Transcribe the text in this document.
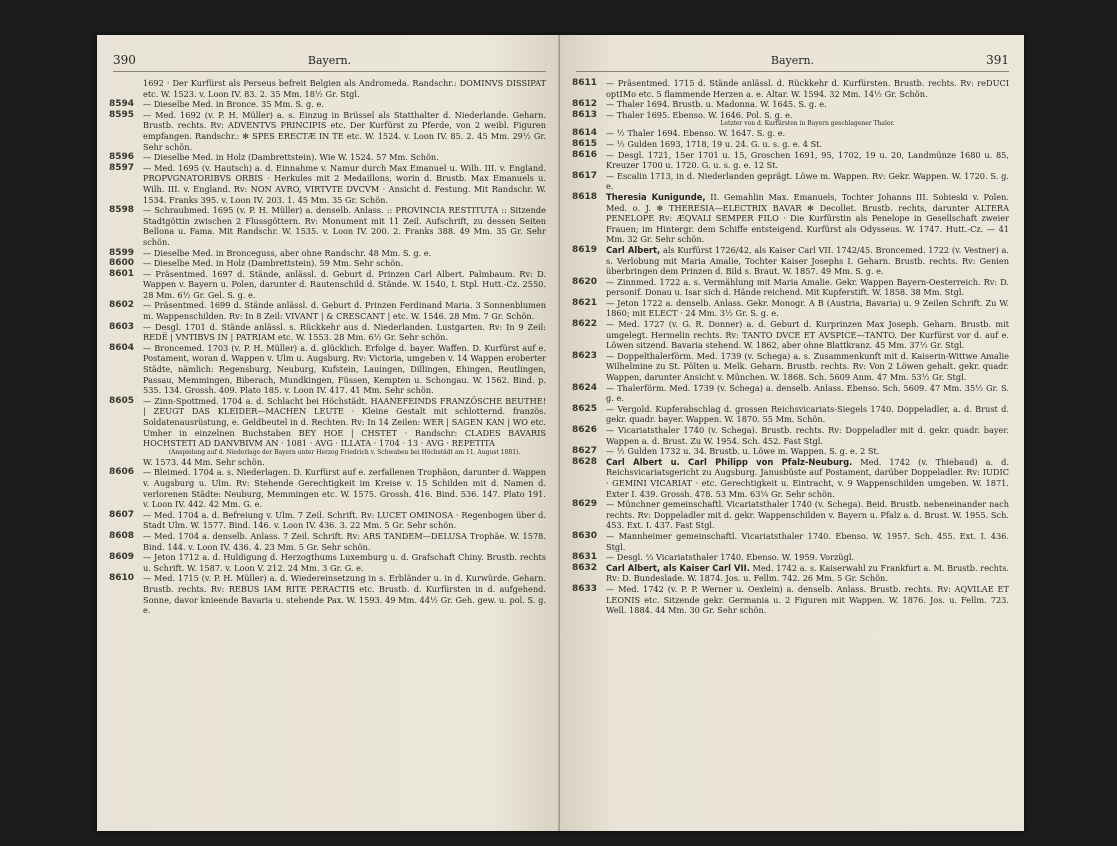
390	Bayern.

1692 · Der Kurfürst als Perseus befreit Belgien als Andromeda. Randschr.: DOMINVS DISSIPAT etc. W. 1523. v. Loon IV. 83. 2. 35 Mm. 18½ Gr. Stgl.

8594 — Dieselbe Med. in Bronce. 35 Mm. S. g. e.

8595 — Med. 1692 (v. P. H. Müller) a. s. Einzug in Brüssel als Statthalter d. Niederlande. Geharn. Brustb. rechts. Rv: ADVENTVS PRINCIPIS etc. Der Kurfürst zu Pferde, von 2 weibl. Figuren empfangen. Randschr.: ✻ SPES ERECTÆ IN TE etc. W. 1524. v. Loon IV. 85. 2. 45 Mm. 29½ Gr. Sehr schön.

8596 — Dieselbe Med. in Holz (Dambrettstein). Wie W. 1524. 57 Mm. Schön.

8597 — Med. 1695 (v. Hautsch) a. d. Einnahme v. Namur durch Max Emanuel u. Wilh. III. v. England. PROPVGNATORIBVS ORBIS · Herkules mit 2 Medaillons, worin d. Brustb. Max Emanuels u. Wilh. III. v. England. Rv: NON AVRO, VIRTVTE DVCVM · Ansicht d. Festung. Mit Randschr. W. 1534. Franks 395. v. Loon IV. 203. 1. 45 Mm. 35 Gr. Schön.

8598 — Schraubmed. 1695 (v. P. H. Müller) a. denselb. Anlass. :: PROVINCIA RESTITUTA :: Sitzende Stadtgöttin zwischen 2 Flussgöttern. Rv: Monument mit 11 Zeil. Aufschrift, zu dessen Seiten Bellona u. Fama. Mit Randschr. W. 1535. v. Loon IV. 200. 2. Franks 388. 49 Mm. 35 Gr. Sehr schön.

8599 — Dieselbe Med. in Bronceguss, aber ohne Randschr. 48 Mm. S. g. e.

8600 — Dieselbe Med. in Holz (Dambrettstein). 59 Mm. Sehr schön.

8601 — Präsentmed. 1697 d. Stände, anlässl. d. Geburt d. Prinzen Carl Albert. Palmbaum. Rv: D. Wappen v. Bayern u. Polen, darunter d. Rautenschild d. Stände. W. 1540, I. Stpl. Hutt.-Cz. 2550. 28 Mm. 6½ Gr. Gel. S. g. e.

8602 — Präsentmed. 1699 d. Stände anlässl. d. Geburt d. Prinzen Ferdinand Maria. 3 Sonnenblumen m. Wappenschilden. Rv: In 8 Zeil: VIVANT | & CRESCANT | etc. W. 1546. 28 Mm. 7 Gr. Schön.

8603 — Desgl. 1701 d. Stände anlässl. s. Rückkehr aus d. Niederlanden. Lustgarten. Rv: In 9 Zeil: REDE̅ | VNTIBVS IN | PATRIAM etc. W. 1553. 28 Mm. 6½ Gr. Sehr schön.

8604 — Broncemed. 1703 (v. P. H. Müller) a. d. glücklich. Erfolge d. bayer. Waffen. D. Kurfürst auf e. Postament, woran d. Wappen v. Ulm u. Augsburg. Rv: Victoria, umgeben v. 14 Wappen eroberter Städte, nämlich: Regensburg, Neuburg, Kufstein, Lauingen, Dillingen, Ehingen, Reutlingen, Passau, Memmingen, Biberach, Mundkingen, Füssen, Kempten u. Schongau. W. 1562. Bind. p. 535. 134. Grossh. 409. Plato 185. v. Loon IV. 417. 41 Mm. Sehr schön.

8605 — Zinn-Spottmed. 1704 a. d. Schlacht bei Höchstädt. HAANEFEINDS FRANZÖSCHE BEUTHE! | ZEUGT DAS KLEIDER—MACHEN LEUTE · Kleine Gestalt mit schlotternd. französ. Soldatenausrüstung, e. Geldbeutel in d. Rechten. Rv: In 14 Zeilen: WER | SAGEN KAN | WO etc. Umher in einzelnen Buchstaben BEY HOE | CHSTET · Randschr: CLADES BAVARIS HOCHSTETI AD DANVBIVM AN · 1081 · AVG · ILLATA · 1704 · 13 · AVG · REPETITA
(Anspielung auf d. Niederlage der Bayern unter Herzog Friedrich v. Schwaben bei Höchstädt am 11. August 1081).
W. 1573. 44 Mm. Sehr schön.

8606 — Bleimed. 1704 a. s. Niederlagen. D. Kurfürst auf e. zerfallenen Trophäon, darunter d. Wappen v. Augsburg u. Ulm. Rv: Stehende Gerechtigkeit im Kreise v. 15 Schilden mit d. Namen d. verlorenen Städte: Neuburg, Memmingen etc. W. 1575. Grossh. 416. Bind. 536. 147. Plato 191. v. Loon IV. 442. 42 Mm. G. e.

8607 — Med. 1704 a. d. Befreiung v. Ulm. 7 Zeil. Schrift. Rv: LUCET OMINOSA · Regenbogen über d. Stadt Ulm. W. 1577. Bind. 146. v. Loon IV. 436. 3. 22 Mm. 5 Gr. Sehr schön.

8608 — Med. 1704 a. denselb. Anlass. 7 Zeil. Schrift. Rv: ARS TANDEM—DELUSA Trophäe. W. 1578. Bind. 144. v. Loon IV. 436. 4. 23 Mm. 5 Gr. Sehr schön.

8609 — Jeton 1712 a. d. Huldigung d. Herzogthums Luxemburg u. d. Grafschaft Chiny. Brustb. rechts u. Schrift. W. 1587. v. Loon V. 212. 24 Mm. 3 Gr. G. e.

8610 — Med. 1715 (v. P. H. Müller) a. d. Wiedereinsetzung in s. Erbländer u. in d. Kurwürde. Geharn. Brustb. rechts. Rv: REBUS IAM RITE PERACTIS etc. Brustb. d. Kurfürsten in d. aufgehend. Sonne, davor knieende Bavaria u. stehende Pax. W. 1593. 49 Mm. 44½ Gr. Geh. gew. u. pol. S. g. e.

Bayern.	391

8611 — Präsentmed. 1715 d. Stände anlässl. d. Rückkehr d. Kurfürsten. Brustb. rechts. Rv: reDUCI optIMo etc. 5 flammende Herzen a. e. Altar. W. 1594. 32 Mm. 14½ Gr. Schön.

8612 — Thaler 1694. Brustb. u. Madonna. W. 1645. S. g. e.

8613 — Thaler 1695. Ebenso. W. 1646. Pol. S. g. e.
Letzter von d. Kurfürsten in Bayern geschlagener Thaler.

8614 — ½ Thaler 1694. Ebenso. W. 1647. S. g. e.

8615 — ½ Gulden 1693, 1718, 19 u. 24. G. u. s. g. e. 4 St.

8616 — Desgl. 1721, 15er 1701 u. 15, Groschen 1691, 95, 1702, 19 u. 20, Landmünze 1680 u. 85, Kreuzer 1700 u. 1720. G. u. s. g. e. 12 St.

8617 — Escalin 1713, in d. Niederlanden geprägt. Löwe m. Wappen. Rv: Gekr. Wappen. W. 1720. S. g. e.

8618 Theresia Kunigunde, II. Gemahlin Max. Emanuels, Tochter Johanns III. Sobieski v. Polen. Med. o. J. ✻ THERESIA—ELECTRIX BAVAR ✻ Decollet. Brustb. rechts, darunter ALTERA PENELOPE Rv: ÆQVALI SEMPER FILO · Die Kurfürstin als Penelope in Gesellschaft zweier Frauen; im Hintergr. dem Schiffe entsteigend. Kurfürst als Odysseus. W. 1747. Hutt.-Cz. — 41 Mm. 32 Gr. Sehr schön.

8619 Carl Albert, als Kurfürst 1726/42, als Kaiser Carl VII. 1742/45. Broncemed. 1722 (v. Vestner) a. s. Verlobung mit Maria Amalie, Tochter Kaiser Josephs I. Geharn. Brustb. rechts. Rv: Genien überbringen dem Prinzen d. Bild s. Braut. W. 1857. 49 Mm. S. g. e.

8620 — Zinnmed. 1722 a. s. Vermählung mit Maria Amalie. Gekr. Wappen Bayern-Oesterreich. Rv: D. personif. Donau u. Isar sich d. Hände reichend. Mit Kupferstift. W. 1858. 38 Mm. Stgl.

8621 — Jeton 1722 a. denselb. Anlass. Gekr. Monogr. A B (Austria, Bavaria) u. 9 Zeilen Schrift. Zu W. 1860; mit ELECT · 24 Mm. 3½ Gr. S. g. e.

8622 — Med. 1727 (v. G. R. Donner) a. d. Geburt d. Kurprinzen Max Joseph. Geharn. Brustb. mit umgelegt. Hermelin rechts. Rv: TANTO DVCE ET AVSPICE—TANTO. Der Kurfürst vor d. auf e. Löwen sitzend. Bavaria stehend. W. 1862, aber ohne Blattkranz. 45 Mm. 37½ Gr. Stgl.

8623 — Doppelthalerförm. Med. 1739 (v. Schega) a. s. Zusammenkunft mit d. Kaiserin-Wittwe Amalie Wilhelmine zu St. Pölten u. Melk. Geharn. Brustb. rechts. Rv: Von 2 Löwen gehalt. gekr. quadr. Wappen, darunter Ansicht v. München. W. 1868. Sch. 5609 Anm. 47 Mm. 53½ Gr. Stgl.

8624 — Thalerförm. Med. 1739 (v. Schega) a. denselb. Anlass. Ebenso. Sch. 5609. 47 Mm. 35½ Gr. S. g. e.

8625 — Vergold. Kupferabschlag d. grossen Reichsvicariats-Siegels 1740. Doppeladler, a. d. Brust d. gekr. quadr. bayer. Wappen. W. 1870. 55 Mm. Schön.

8626 — Vicariatsthaler 1740 (v. Schega). Brustb. rechts. Rv: Doppeladler mit d. gekr. quadr. bayer. Wappen a. d. Brust. Zu W. 1954. Sch. 452. Fast Stgl.

8627 — ½ Gulden 1732 u. 34. Brustb. u. Löwe m. Wappen. S. g. e. 2 St.

8628 Carl Albert u. Carl Philipp von Pfalz-Neuburg. Med. 1742 (v. Thiebaud) a. d. Reichsvicariatsgericht zu Augsburg. Janusbüste auf Postament, darüber Doppeladler. Rv: IUDIC · GEMINI VICARIAT · etc. Gerechtigkeit u. Eintracht, v. 9 Wappenschilden umgeben. W. 1871. Exter I. 439. Grossh. 478. 53 Mm. 63¼ Gr. Sehr schön.

8629 — Münchner gemeinschaftl. Vicariatsthaler 1740 (v. Schega). Beid. Brustb. nebeneinander nach rechts. Rv: Doppeladler mit d. gekr. Wappenschilden v. Bayern u. Pfalz a. d. Brust. W. 1955. Sch. 453. Ext. I. 437. Fast Stgl.

8630 — Mannheimer gemeinschaftl. Vicariatsthaler 1740. Ebenso. W. 1957. Sch. 455. Ext. I. 436. Stgl.

8631 — Desgl. ⅔ Vicariatsthaler 1740. Ebenso. W. 1959. Vorzügl.

8632 Carl Albert, als Kaiser Carl VII. Med. 1742 a. s. Kaiserwahl zu Frankfurt a. M. Brustb. rechts. Rv: D. Bundeslade. W. 1874. Jos. u. Fellm. 742. 26 Mm. 5 Gr. Schön.

8633 — Med. 1742 (v. P. P. Werner u. Oexlein) a. denselb. Anlass. Brustb. rechts. Rv: AQVILAE ET LEONIS etc. Sitzende gekr. Germania u. 2 Figuren mit Wappen. W. 1876. Jos. u. Fellm. 723. Well. 1884. 44 Mm. 30 Gr. Sehr schön.
